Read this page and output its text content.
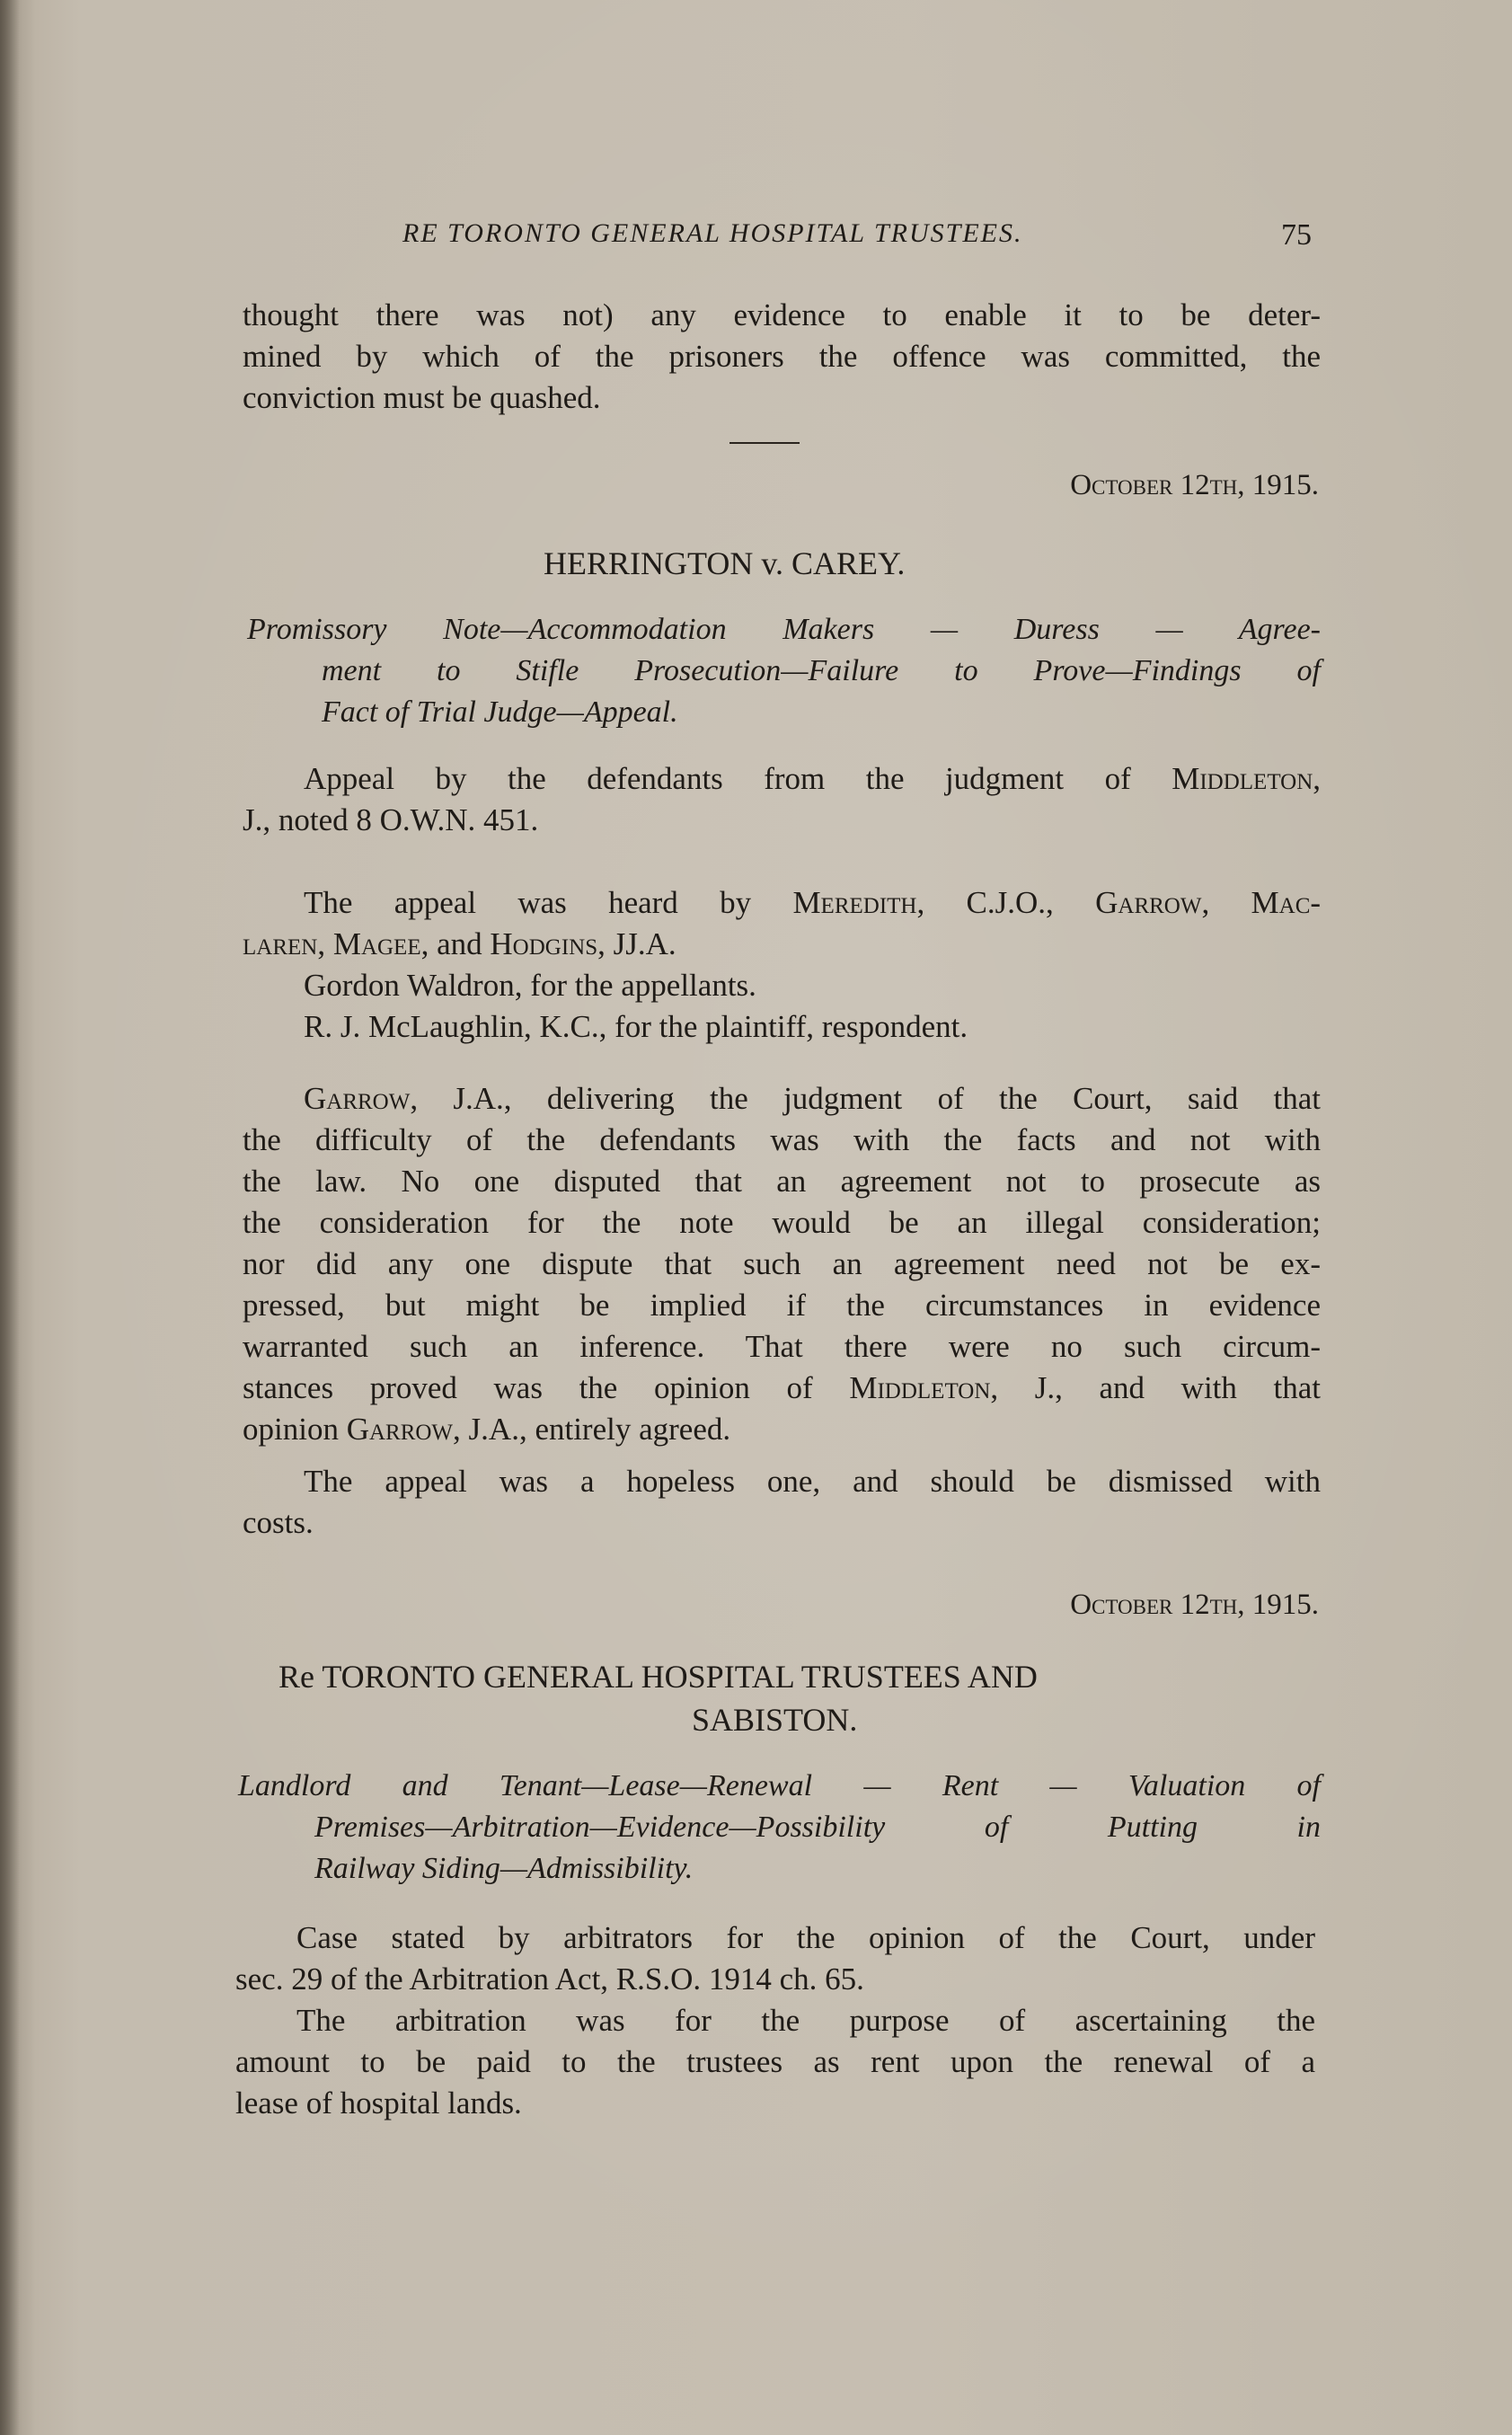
RE TORONTO GENERAL HOSPITAL TRUSTEES.	75
thought there was not) any evidence to enable it to be deter-
mined by which of the prisoners the offence was committed, the
conviction must be quashed.
October 12th, 1915.
HERRINGTON v. CAREY.
Promissory Note—Accommodation Makers — Duress — Agree-
ment to Stifle Prosecution—Failure to Prove—Findings of
Fact of Trial Judge—Appeal.
Appeal by the defendants from the judgment of Middleton,
J., noted 8 O.W.N. 451.
The appeal was heard by Meredith, C.J.O., Garrow, Mac-
laren, Magee, and Hodgins, JJ.A.
Gordon Waldron, for the appellants.
R. J. McLaughlin, K.C., for the plaintiff, respondent.
Garrow, J.A., delivering the judgment of the Court, said that
the difficulty of the defendants was with the facts and not with
the law. No one disputed that an agreement not to prosecute as
the consideration for the note would be an illegal consideration;
nor did any one dispute that such an agreement need not be ex-
pressed, but might be implied if the circumstances in evidence
warranted such an inference. That there were no such circum-
stances proved was the opinion of Middleton, J., and with that
opinion Garrow, J.A., entirely agreed.
The appeal was a hopeless one, and should be dismissed with
costs.
October 12th, 1915.
Re TORONTO GENERAL HOSPITAL TRUSTEES AND
SABISTON.
Landlord and Tenant—Lease—Renewal — Rent — Valuation of
Premises—Arbitration—Evidence—Possibility of Putting in
Railway Siding—Admissibility.
Case stated by arbitrators for the opinion of the Court, under
sec. 29 of the Arbitration Act, R.S.O. 1914 ch. 65.
The arbitration was for the purpose of ascertaining the
amount to be paid to the trustees as rent upon the renewal of a
lease of hospital lands.
